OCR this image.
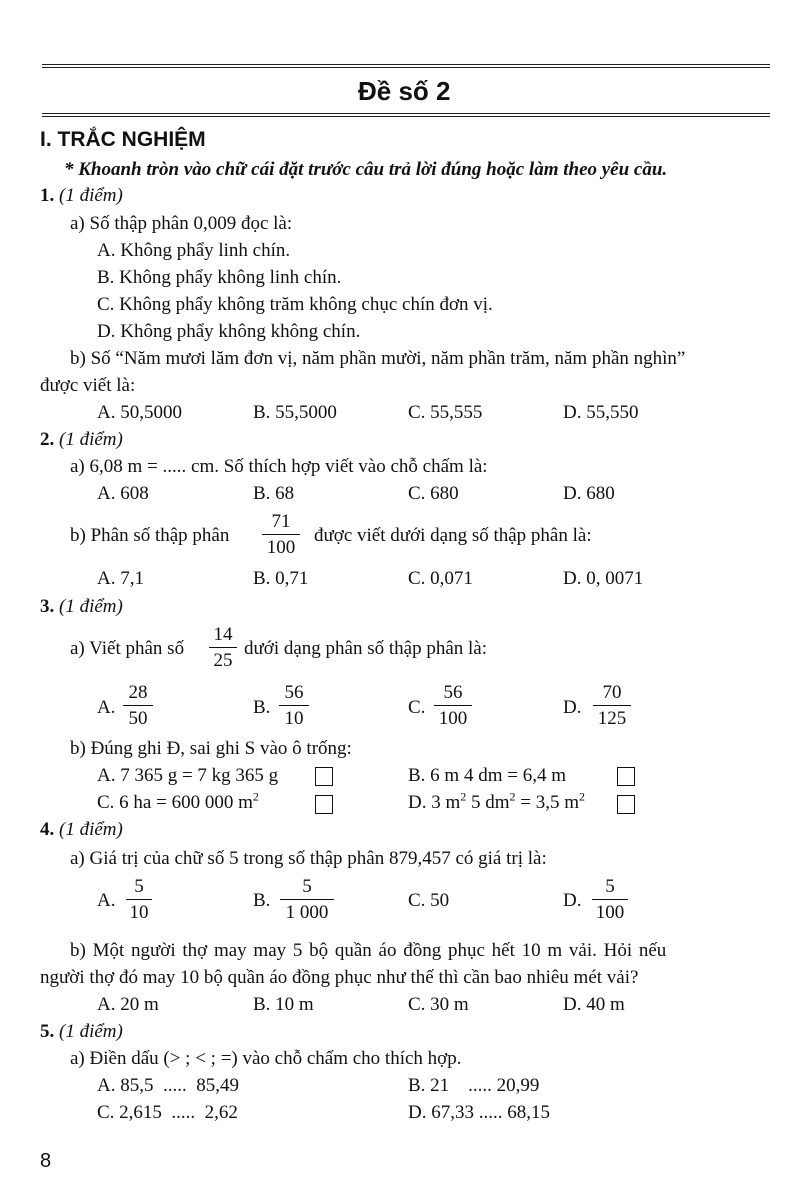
Đề số 2
I. TRẮC NGHIỆM
* Khoanh tròn vào chữ cái đặt trước câu trả lời đúng hoặc làm theo yêu cầu.
1. (1 điểm)
a) Số thập phân 0,009 đọc là:
A. Không phẩy linh chín.
B. Không phẩy không linh chín.
C. Không phẩy không trăm không chục chín đơn vị.
D. Không phẩy không không chín.
b) Số “Năm mươi lăm đơn vị, năm phần mười, năm phần trăm, năm phần nghìn”
được viết là:
A. 50,5000	B. 55,5000	C. 55,555	D. 55,550
2. (1 điểm)
a) 6,08 m = ..... cm. Số thích hợp viết vào chỗ chấm là:
A. 608	B. 68	C. 680	D. 680
b) Phân số thập phân
71
100
được viết dưới dạng số thập phân là:
A. 7,1	B. 0,71	C. 0,071	D. 0, 0071
3. (1 điểm)
a) Viết phân số
14
25
dưới dạng phân số thập phân là:
A.
28
50
B.
56
10
C.
56
100
D.
70
125
b) Đúng ghi Đ, sai ghi S vào ô trống:
A. 7 365 g = 7 kg 365 g	B. 6 m 4 dm = 6,4 m
C. 6 ha = 600 000 $m^2$	D. 3 $m^2$ 5 $dm^2 = 3,5$ $m^2$
4. (1 điểm)
a) Giá trị của chữ số 5 trong số thập phân 879,457 có giá trị là:
A.
5
10
B.
5
1 000
C. 50	D.
5
100
b) Một người thợ may may 5 bộ quần áo đồng phục hết 10 m vải. Hỏi nếu
người thợ đó may 10 bộ quần áo đồng phục như thế thì cần bao nhiêu mét vải?
A. 20 m	B. 10 m	C. 30 m	D. 40 m
5. (1 điểm)
a) Điền dấu (> ; < ; =) vào chỗ chấm cho thích hợp.
A. 85,5  .....  85,49	B. 21    ..... 20,99
C. 2,615  .....  2,62	D. 67,33 ..... 68,15
8
